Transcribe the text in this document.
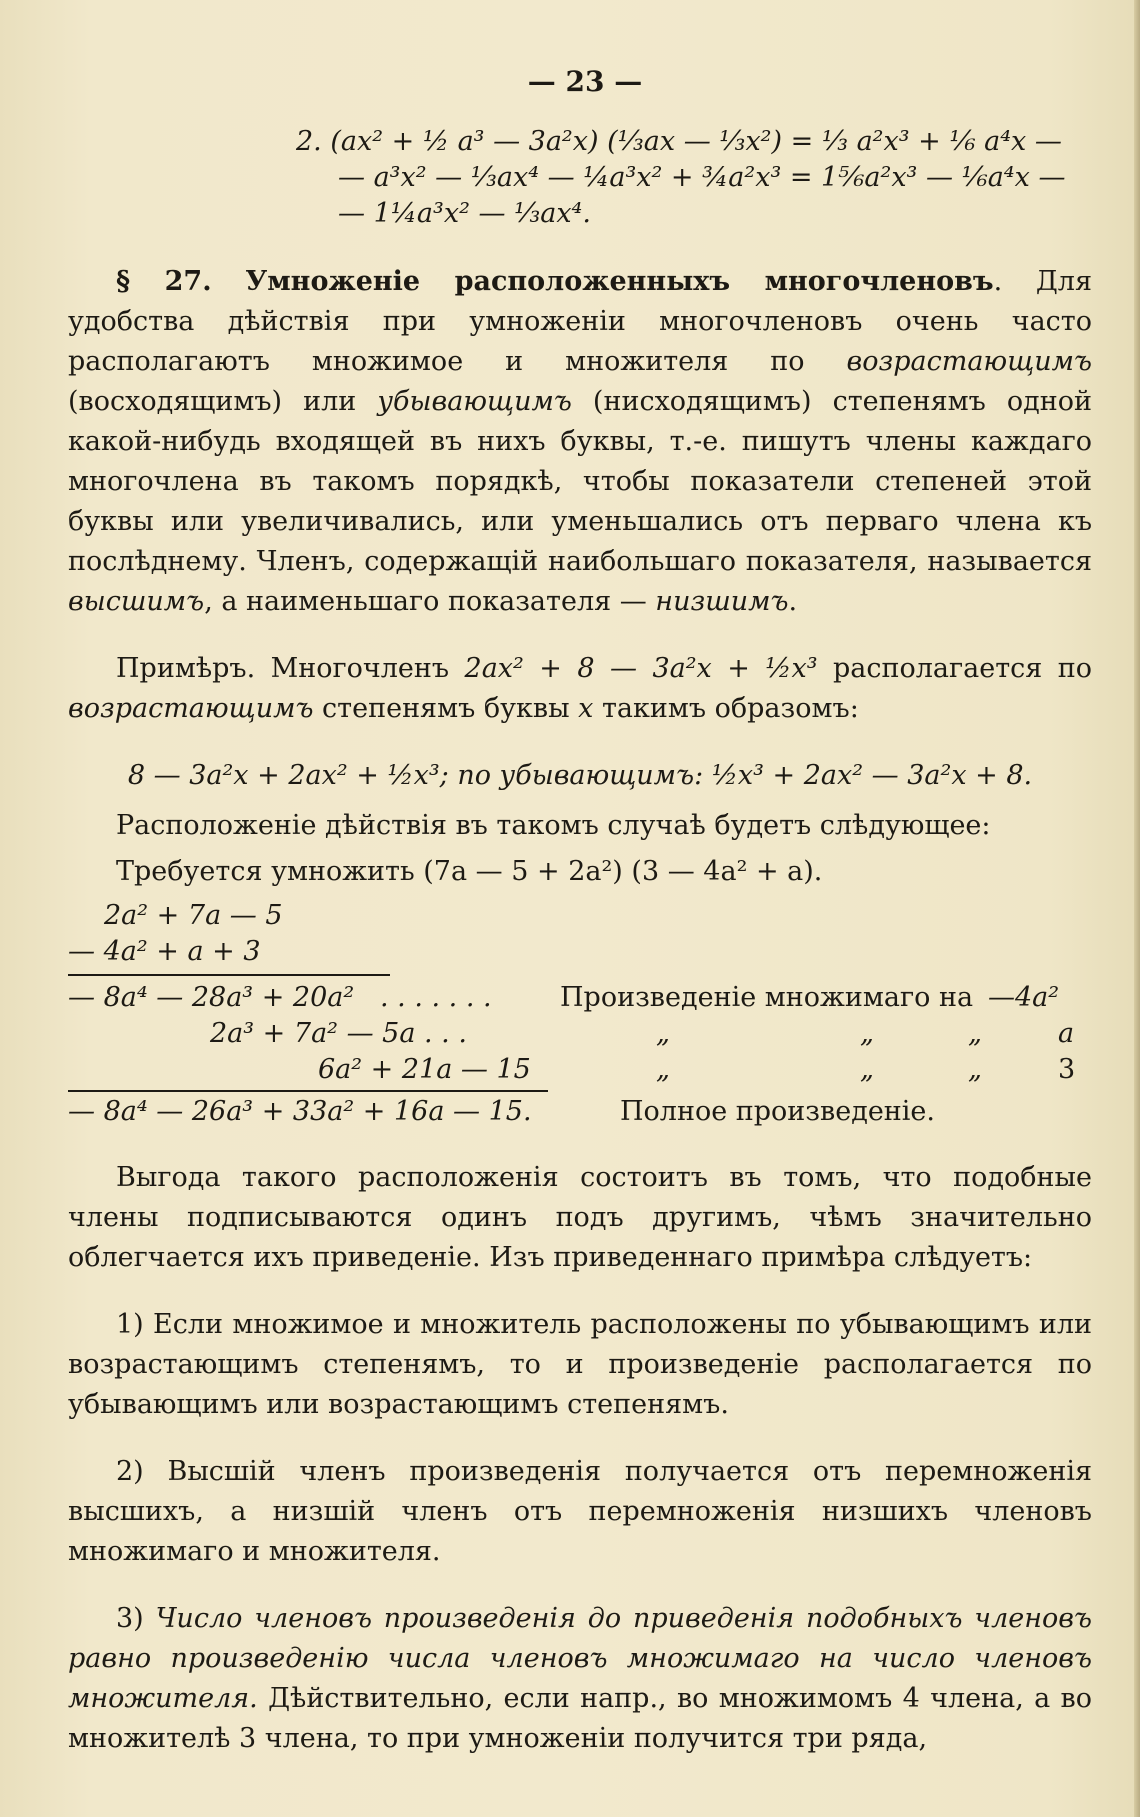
— 23 —
2. (ax² + ½ a³ — 3a²x) (⅓ax — ⅓x²) = ⅓ a²x³ + ⅙ a⁴x —
— a³x² — ⅓ax⁴ — ¼a³x² + ¾a²x³ = 1⅚a²x³ — ⅙a⁴x —
— 1¼a³x² — ⅓ax⁴.

§ 27. Умноженіе расположенныхъ многочленовъ. Для удобства дѣйствія при умноженіи многочленовъ очень часто располагаютъ множимое и множителя по возрастающимъ (восходящимъ) или убывающимъ (нисходящимъ) степенямъ одной какой-нибудь входящей въ нихъ буквы, т.-е. пишутъ члены каждаго многочлена въ такомъ порядкѣ, чтобы показатели степеней этой буквы или увеличивались, или уменьшались отъ перваго члена къ послѣднему. Членъ, содержащій наибольшаго показателя, называется высшимъ, а наименьшаго показателя — низшимъ.

Примѣръ. Многочленъ 2ax² + 8 — 3a²x + ½x³ располагается по возрастающимъ степенямъ буквы x такимъ образомъ:

8 — 3a²x + 2ax² + ½x³; по убывающимъ: ½x³ + 2ax² — 3a²x + 8.
Расположеніе дѣйствія въ такомъ случаѣ будетъ слѣдующее:
Требуется умножить (7a — 5 + 2a²) (3 — 4a² + a).
2a² + 7a — 5
— 4a² + a + 3
— 8a⁴ — 28a³ + 20a² . . . . . . .	Произведеніе множимаго на —4a²
2a³ + 7a² — 5a . . .	„	„	„	a
6a² + 21a — 15	„	„	„	3
— 8a⁴ — 26a³ + 33a² + 16a — 15.	Полное произведеніе.

Выгода такого расположенія состоитъ въ томъ, что подобные члены подписываются одинъ подъ другимъ, чѣмъ значительно облегчается ихъ приведеніе. Изъ приведеннаго примѣра слѣдуетъ:

1) Если множимое и множитель расположены по убывающимъ или возрастающимъ степенямъ, то и произведеніе располагается по убывающимъ или возрастающимъ степенямъ.

2) Высшій членъ произведенія получается отъ перемноженія высшихъ, а низшій членъ отъ перемноженія низшихъ членовъ множимаго и множителя.

3) Число членовъ произведенія до приведенія подобныхъ членовъ равно произведенію числа членовъ множимаго на число членовъ множителя. Дѣйствительно, если напр., во множимомъ 4 члена, а во множителѣ 3 члена, то при умноженіи получится три ряда,
